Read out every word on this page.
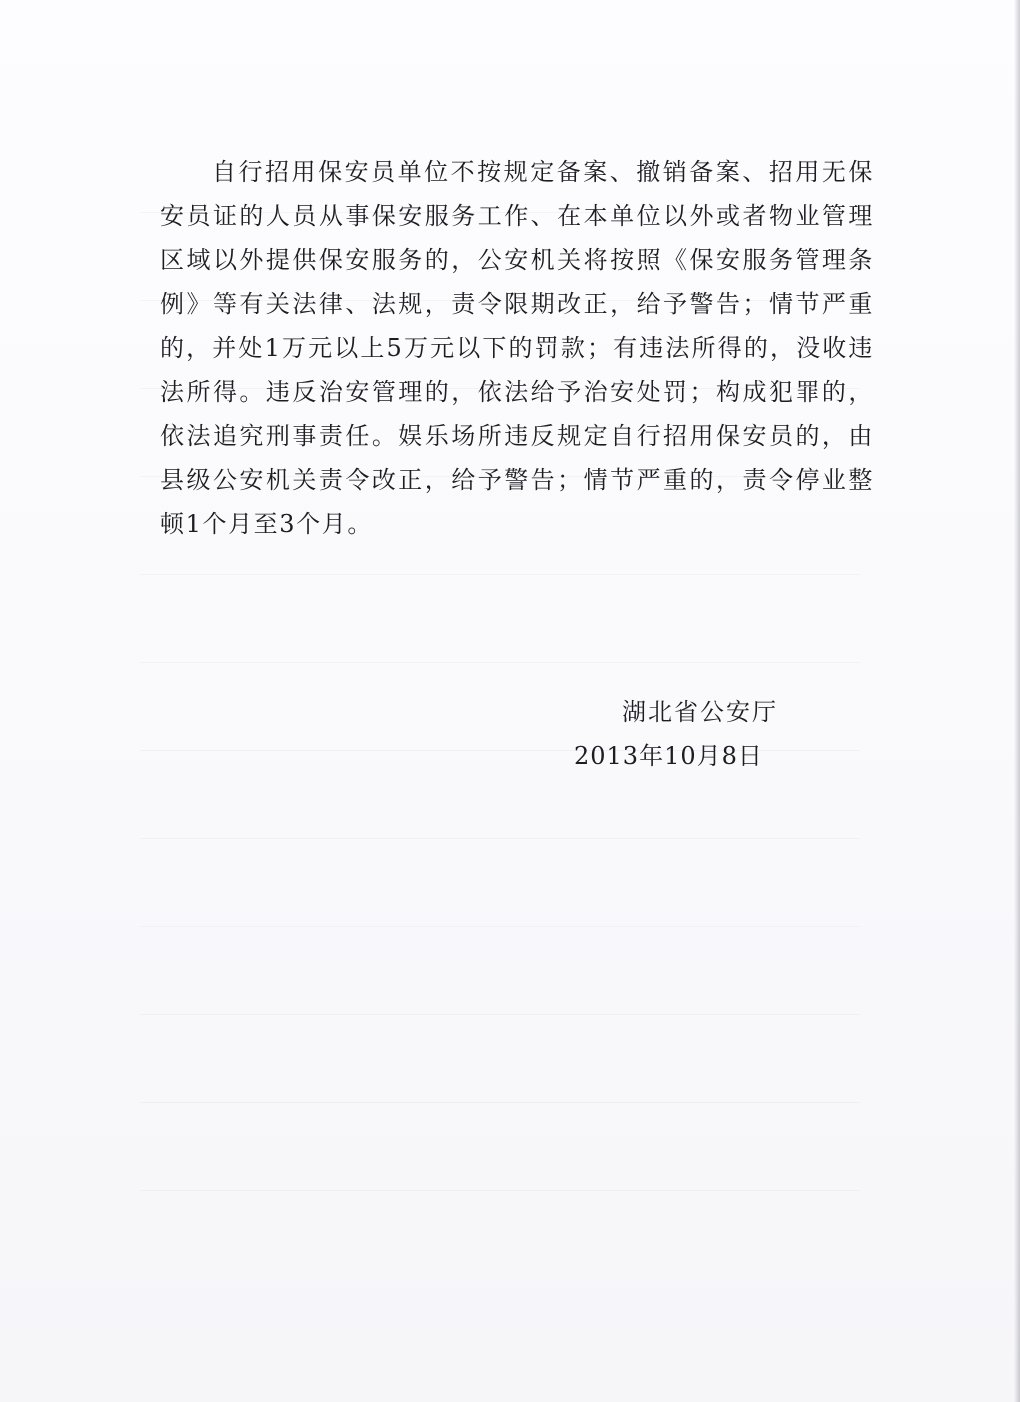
自行招用保安员单位不按规定备案、撤销备案、招用无保安员证的人员从事保安服务工作、在本单位以外或者物业管理区域以外提供保安服务的，公安机关将按照《保安服务管理条例》等有关法律、法规，责令限期改正，给予警告；情节严重的，并处1万元以上5万元以下的罚款；有违法所得的，没收违法所得。违反治安管理的，依法给予治安处罚；构成犯罪的，依法追究刑事责任。娱乐场所违反规定自行招用保安员的，由县级公安机关责令改正，给予警告；情节严重的，责令停业整顿1个月至3个月。

湖北省公安厅

2013年10月8日
